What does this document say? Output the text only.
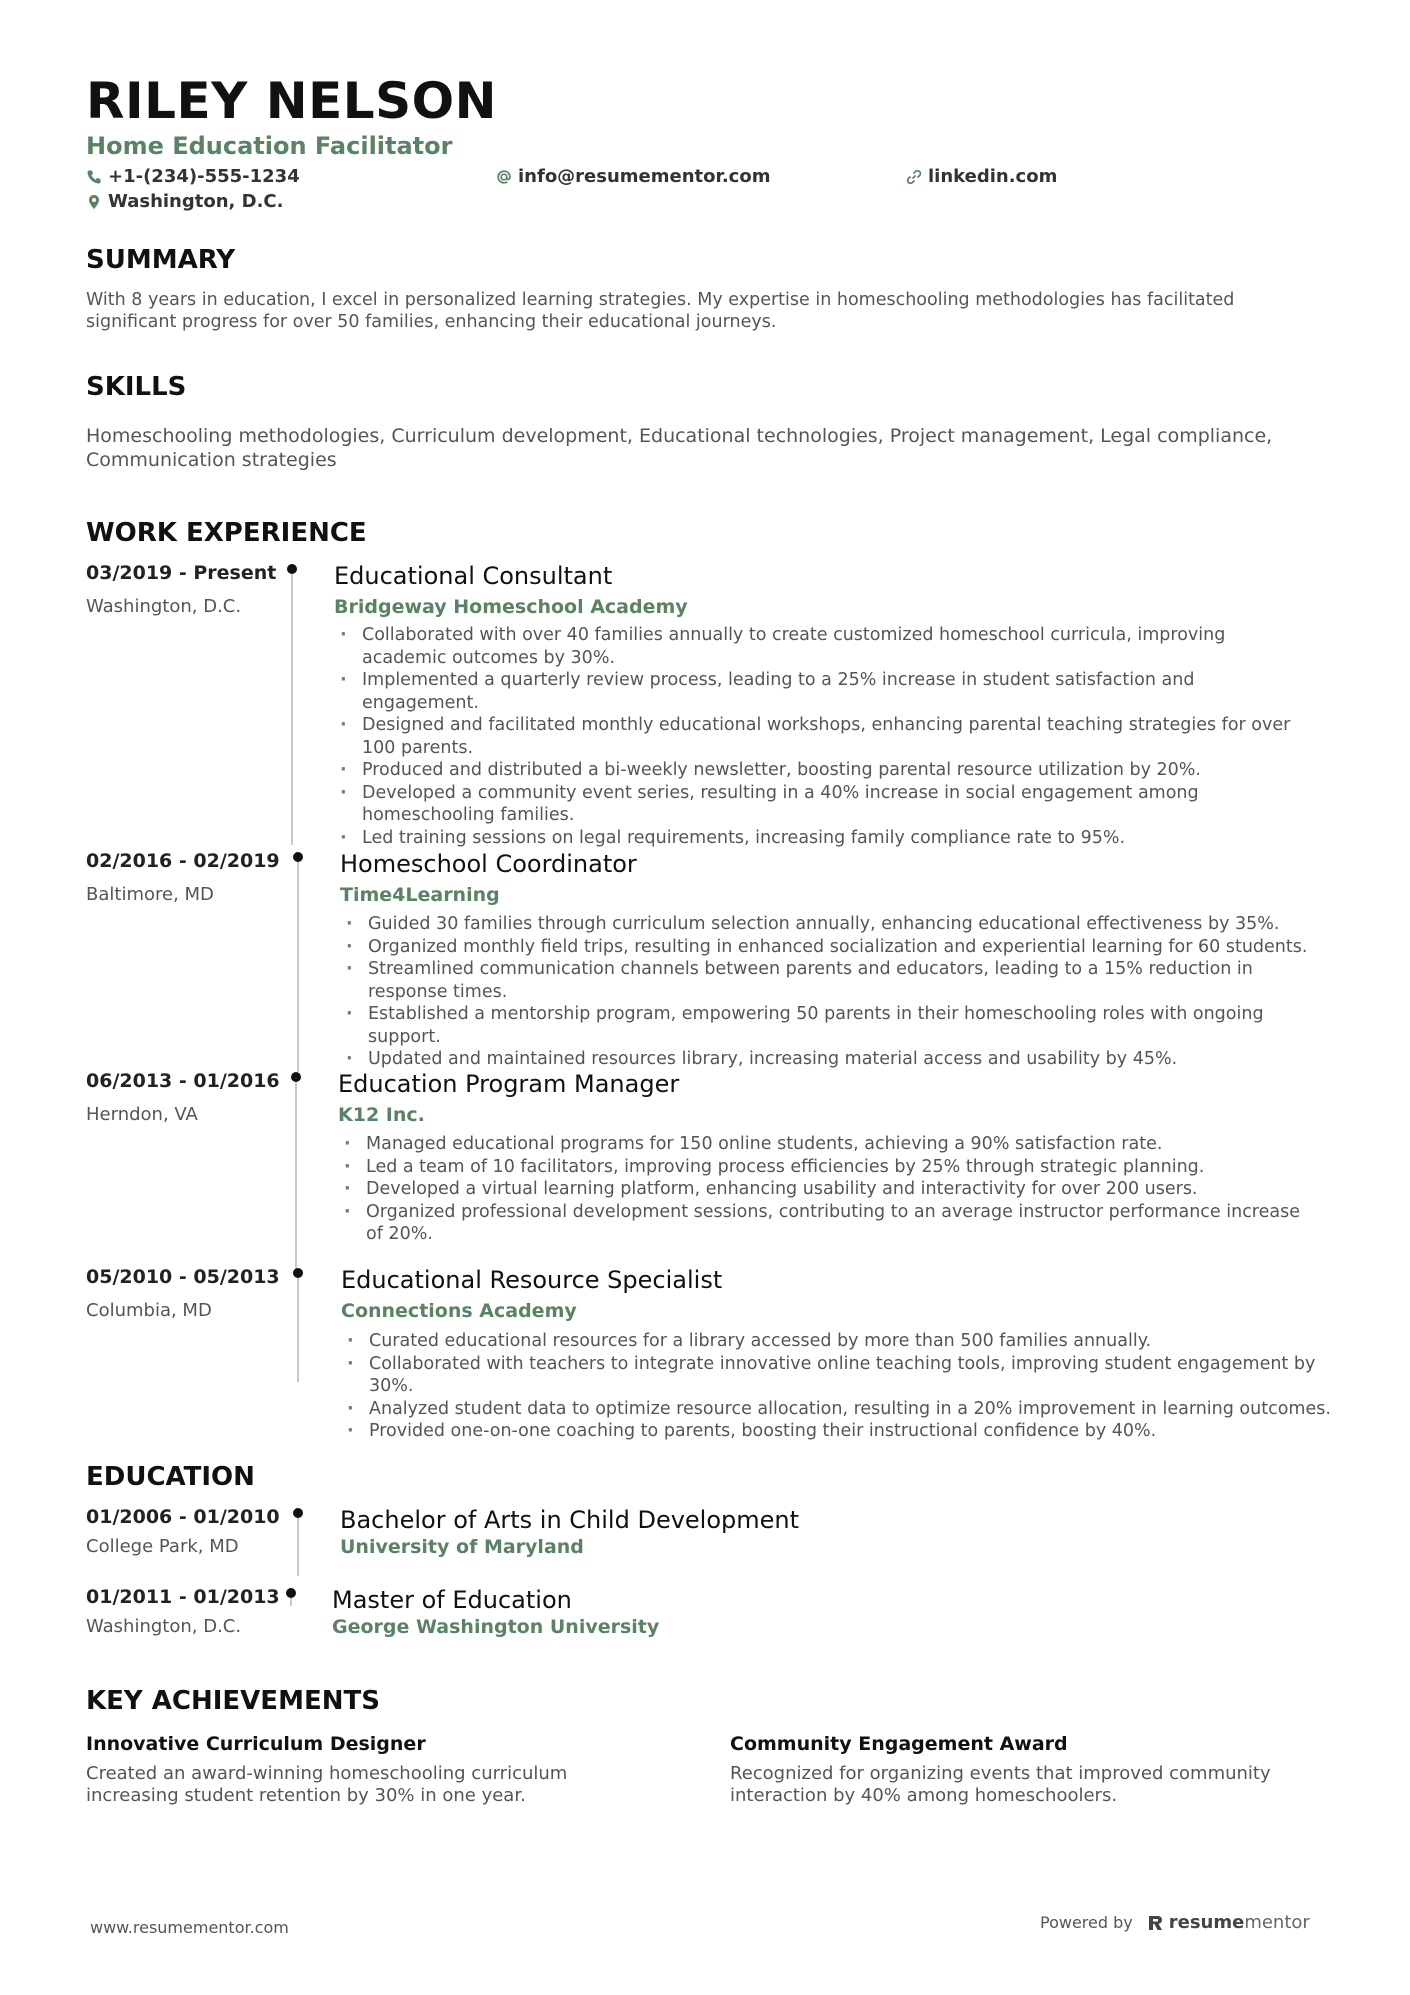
RILEY NELSON
Home Education Facilitator
+1-(234)-555-1234	info@resumementor.com	linkedin.com
Washington, D.C.
SUMMARY
With 8 years in education, I excel in personalized learning strategies. My expertise in homeschooling methodologies has facilitated significant progress for over 50 families, enhancing their educational journeys.
SKILLS
Homeschooling methodologies, Curriculum development, Educational technologies, Project management, Legal compliance, Communication strategies
WORK EXPERIENCE
03/2019 - Present
Washington, D.C.
Educational Consultant
Bridgeway Homeschool Academy
· Collaborated with over 40 families annually to create customized homeschool curricula, improving academic outcomes by 30%.
· Implemented a quarterly review process, leading to a 25% increase in student satisfaction and engagement.
· Designed and facilitated monthly educational workshops, enhancing parental teaching strategies for over 100 parents.
· Produced and distributed a bi-weekly newsletter, boosting parental resource utilization by 20%.
· Developed a community event series, resulting in a 40% increase in social engagement among homeschooling families.
· Led training sessions on legal requirements, increasing family compliance rate to 95%.
02/2016 - 02/2019
Baltimore, MD
Homeschool Coordinator
Time4Learning
· Guided 30 families through curriculum selection annually, enhancing educational effectiveness by 35%.
· Organized monthly field trips, resulting in enhanced socialization and experiential learning for 60 students.
· Streamlined communication channels between parents and educators, leading to a 15% reduction in response times.
· Established a mentorship program, empowering 50 parents in their homeschooling roles with ongoing support.
· Updated and maintained resources library, increasing material access and usability by 45%.
06/2013 - 01/2016
Herndon, VA
Education Program Manager
K12 Inc.
· Managed educational programs for 150 online students, achieving a 90% satisfaction rate.
· Led a team of 10 facilitators, improving process efficiencies by 25% through strategic planning.
· Developed a virtual learning platform, enhancing usability and interactivity for over 200 users.
· Organized professional development sessions, contributing to an average instructor performance increase of 20%.
05/2010 - 05/2013
Columbia, MD
Educational Resource Specialist
Connections Academy
· Curated educational resources for a library accessed by more than 500 families annually.
· Collaborated with teachers to integrate innovative online teaching tools, improving student engagement by 30%.
· Analyzed student data to optimize resource allocation, resulting in a 20% improvement in learning outcomes.
· Provided one-on-one coaching to parents, boosting their instructional confidence by 40%.
EDUCATION
01/2006 - 01/2010
College Park, MD
Bachelor of Arts in Child Development
University of Maryland
01/2011 - 01/2013
Washington, D.C.
Master of Education
George Washington University
KEY ACHIEVEMENTS
Innovative Curriculum Designer
Created an award-winning homeschooling curriculum increasing student retention by 30% in one year.
Community Engagement Award
Recognized for organizing events that improved community interaction by 40% among homeschoolers.
www.resumementor.com	Powered by resume mentor
